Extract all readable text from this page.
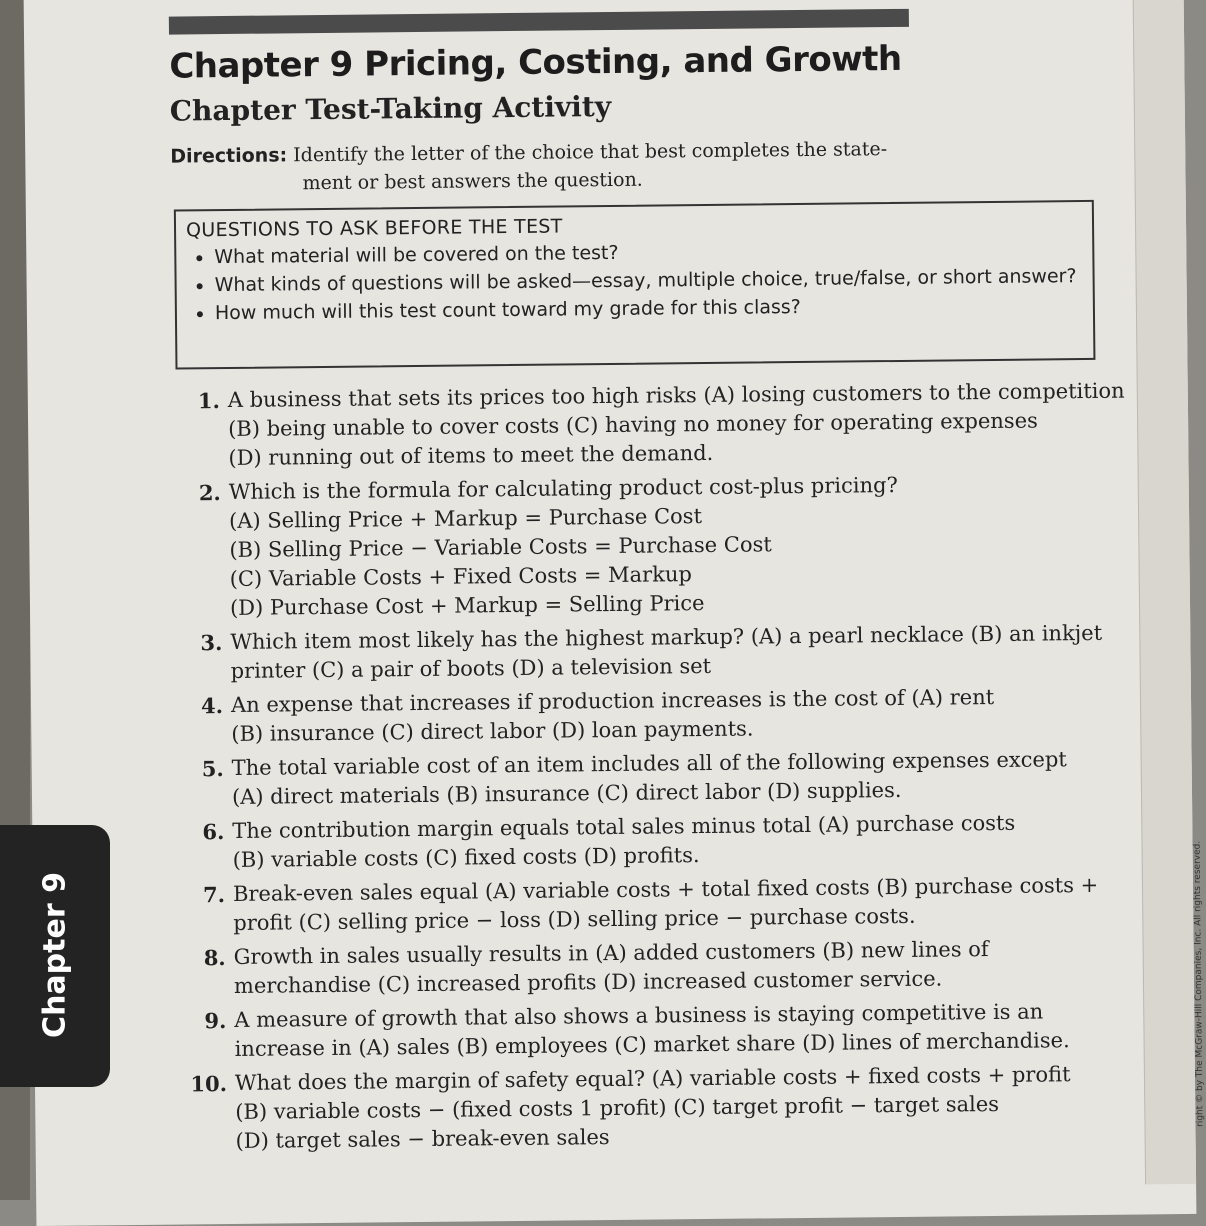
Chapter 9 Pricing, Costing, and Growth
Chapter Test-Taking Activity
Directions: Identify the letter of the choice that best completes the state-
ment or best answers the question.
QUESTIONS TO ASK BEFORE THE TEST
• What material will be covered on the test?
• What kinds of questions will be asked—essay, multiple choice, true/false, or short answer?
• How much will this test count toward my grade for this class?
1. A business that sets its prices too high risks (A) losing customers to the competition
(B) being unable to cover costs (C) having no money for operating expenses
(D) running out of items to meet the demand.
2. Which is the formula for calculating product cost-plus pricing?
(A) Selling Price + Markup = Purchase Cost
(B) Selling Price − Variable Costs = Purchase Cost
(C) Variable Costs + Fixed Costs = Markup
(D) Purchase Cost + Markup = Selling Price
3. Which item most likely has the highest markup? (A) a pearl necklace (B) an inkjet
printer (C) a pair of boots (D) a television set
4. An expense that increases if production increases is the cost of (A) rent
(B) insurance (C) direct labor (D) loan payments.
5. The total variable cost of an item includes all of the following expenses except
(A) direct materials (B) insurance (C) direct labor (D) supplies.
6. The contribution margin equals total sales minus total (A) purchase costs
(B) variable costs (C) fixed costs (D) profits.
7. Break-even sales equal (A) variable costs + total fixed costs (B) purchase costs +
profit (C) selling price − loss (D) selling price − purchase costs.
8. Growth in sales usually results in (A) added customers (B) new lines of
merchandise (C) increased profits (D) increased customer service.
9. A measure of growth that also shows a business is staying competitive is an
increase in (A) sales (B) employees (C) market share (D) lines of merchandise.
10. What does the margin of safety equal? (A) variable costs + fixed costs + profit
(B) variable costs − (fixed costs 1 profit) (C) target profit − target sales
(D) target sales − break-even sales
right © by The McGraw-Hill Companies, Inc. All rights reserved.
Chapter 9
